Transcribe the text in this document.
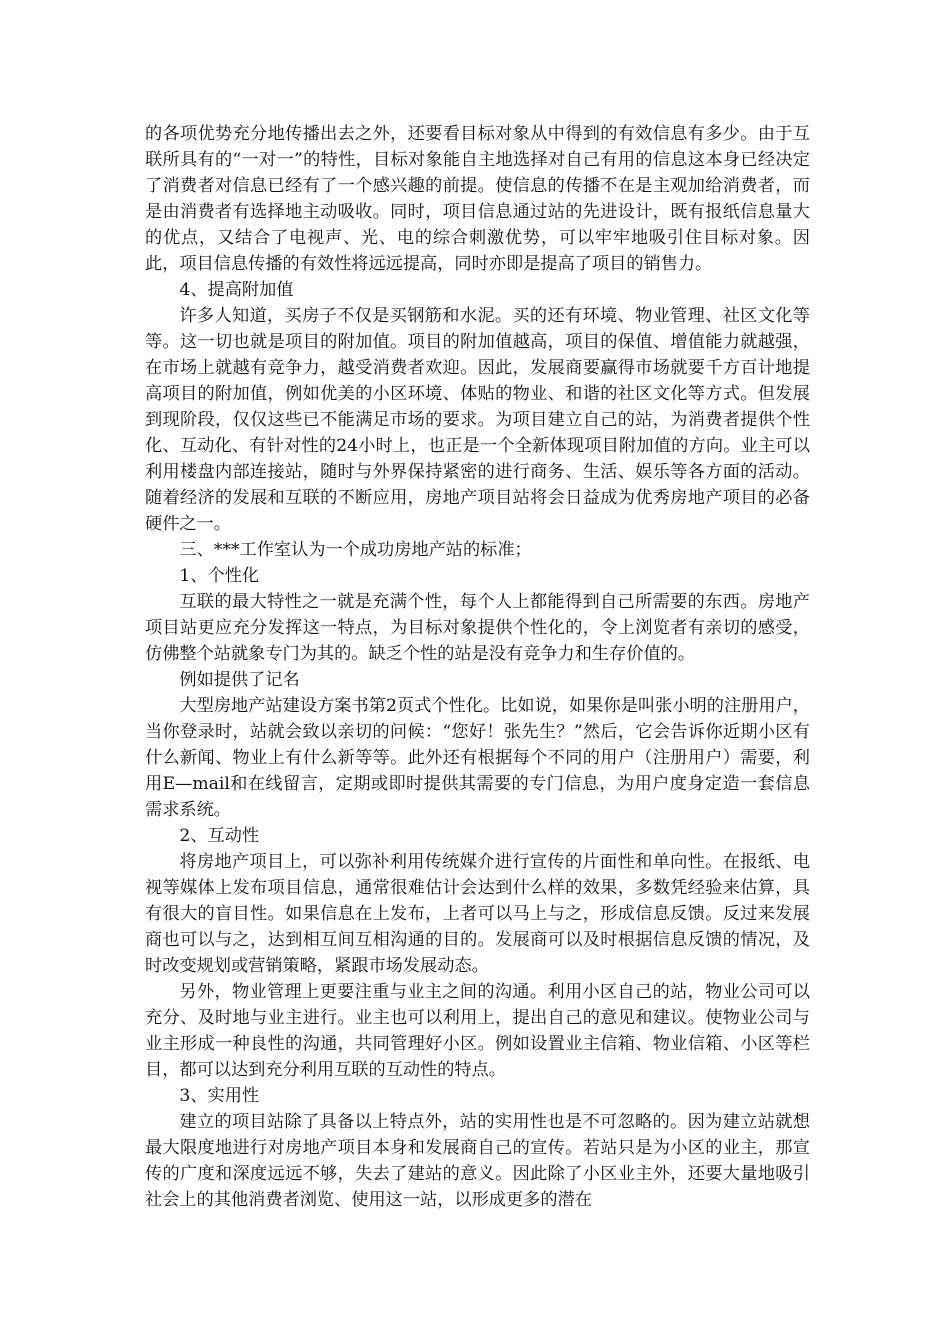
的各项优势充分地传播出去之外，还要看目标对象从中得到的有效信息有多少。由于互联所具有的“一对一”的特性，目标对象能自主地选择对自己有用的信息这本身已经决定了消费者对信息已经有了一个感兴趣的前提。使信息的传播不在是主观加给消费者，而是由消费者有选择地主动吸收。同时，项目信息通过站的先进设计，既有报纸信息量大的优点，又结合了电视声、光、电的综合刺激优势，可以牢牢地吸引住目标对象。因此，项目信息传播的有效性将远远提高，同时亦即是提高了项目的销售力。

4、提高附加值

许多人知道，买房子不仅是买钢筋和水泥。买的还有环境、物业管理、社区文化等等。这一切也就是项目的附加值。项目的附加值越高，项目的保值、增值能力就越强，在市场上就越有竞争力，越受消费者欢迎。因此，发展商要赢得市场就要千方百计地提高项目的附加值，例如优美的小区环境、体贴的物业、和谐的社区文化等方式。但发展到现阶段，仅仅这些已不能满足市场的要求。为项目建立自己的站，为消费者提供个性化、互动化、有针对性的24小时上，也正是一个全新体现项目附加值的方向。业主可以利用楼盘内部连接站，随时与外界保持紧密的进行商务、生活、娱乐等各方面的活动。随着经济的发展和互联的不断应用，房地产项目站将会日益成为优秀房地产项目的必备硬件之一。

三、***工作室认为一个成功房地产站的标准；

1、个性化

互联的最大特性之一就是充满个性，每个人上都能得到自己所需要的东西。房地产项目站更应充分发挥这一特点，为目标对象提供个性化的，令上浏览者有亲切的感受，仿佛整个站就象专门为其的。缺乏个性的站是没有竞争力和生存价值的。

例如提供了记名

大型房地产站建设方案书第2页式个性化。比如说，如果你是叫张小明的注册用户，当你登录时，站就会致以亲切的问候：“您好！张先生？”然后，它会告诉你近期小区有什么新闻、物业上有什么新等等。此外还有根据每个不同的用户（注册用户）需要，利用E—mail和在线留言，定期或即时提供其需要的专门信息，为用户度身定造一套信息需求系统。

2、互动性

将房地产项目上，可以弥补利用传统媒介进行宣传的片面性和单向性。在报纸、电视等媒体上发布项目信息，通常很难估计会达到什么样的效果，多数凭经验来估算，具有很大的盲目性。如果信息在上发布，上者可以马上与之，形成信息反馈。反过来发展商也可以与之，达到相互间互相沟通的目的。发展商可以及时根据信息反馈的情况，及时改变规划或营销策略，紧跟市场发展动态。

另外，物业管理上更要注重与业主之间的沟通。利用小区自己的站，物业公司可以充分、及时地与业主进行。业主也可以利用上，提出自己的意见和建议。使物业公司与业主形成一种良性的沟通，共同管理好小区。例如设置业主信箱、物业信箱、小区等栏目，都可以达到充分利用互联的互动性的特点。

3、实用性

建立的项目站除了具备以上特点外，站的实用性也是不可忽略的。因为建立站就想最大限度地进行对房地产项目本身和发展商自己的宣传。若站只是为小区的业主，那宣传的广度和深度远远不够，失去了建站的意义。因此除了小区业主外，还要大量地吸引社会上的其他消费者浏览、使用这一站，以形成更多的潜在
